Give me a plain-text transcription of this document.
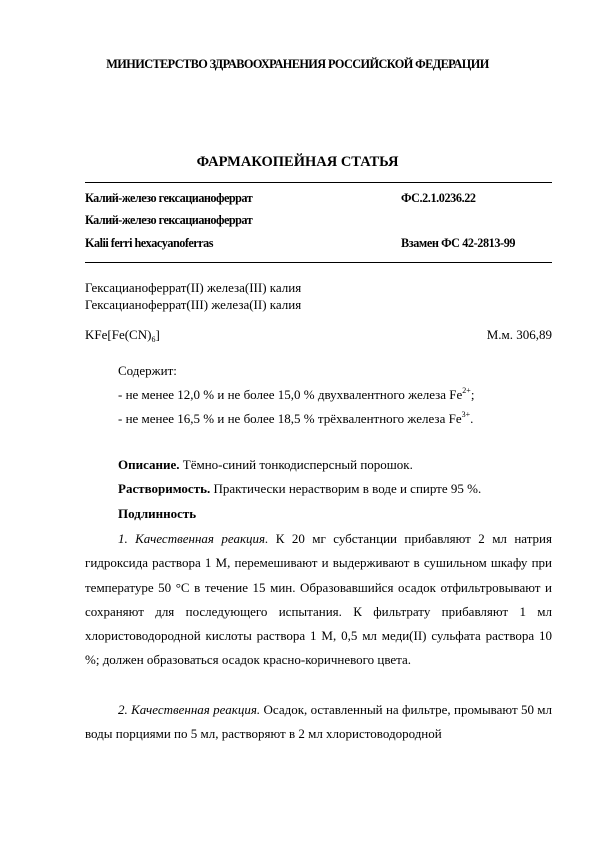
МИНИСТЕРСТВО ЗДРАВООХРАНЕНИЯ РОССИЙСКОЙ ФЕДЕРАЦИИ
ФАРМАКОПЕЙНАЯ СТАТЬЯ
Калий-железо гексацианоферрат	ФС.2.1.0236.22
Калий-железо гексацианоферрат
Kalii ferri hexacyanoferras	Взамен ФС 42-2813-99
Гексацианоферрат(II) железа(III) калия
Гексацианоферрат(III) железа(II) калия
$KFe[Fe(CN)_6]$	М.м. 306,89
Содержит:
- не менее 12,0 % и не более 15,0 % двухвалентного железа $Fe^{2+}$;
- не менее 16,5 % и не более 18,5 % трёхвалентного железа $Fe^{3+}$.
Описание. Тёмно-синий тонкодисперсный порошок.
Растворимость. Практически нерастворим в воде и спирте 95 %.
Подлинность
1. Качественная реакция. К 20 мг субстанции прибавляют 2 мл натрия гидроксида раствора 1 М, перемешивают и выдерживают в сушильном шкафу при температуре 50 °С в течение 15 мин. Образовавшийся осадок отфильтровывают и сохраняют для последующего испытания. К фильтрату прибавляют 1 мл хлористоводородной кислоты раствора 1 М, 0,5 мл меди(II) сульфата раствора 10 %; должен образоваться осадок красно-коричневого цвета.
2. Качественная реакция. Осадок, оставленный на фильтре, промывают 50 мл воды порциями по 5 мл, растворяют в 2 мл хлористоводородной
